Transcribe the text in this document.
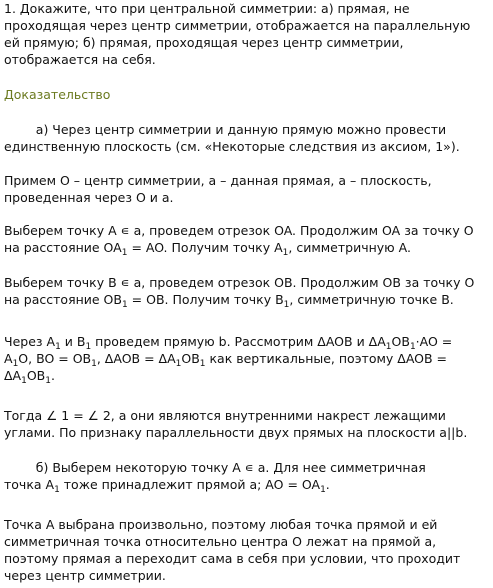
1. Докажите, что при центральной симметрии: а) прямая, не

проходящая через центр симметрии, отображается на параллельную

ей прямую; б) прямая, проходящая через центр симметрии,

отображается на себя.

Доказательство

а) Через центр симметрии и данную прямую можно провести

единственную плоскость (см. «Некоторые следствия из аксиом, 1»).

Примем O – центр симметрии, a – данная прямая, a – плоскость,

проведенная через O и a.

Выберем точку A ∊ a, проведем отрезок OA. Продолжим OA за точку O

на расстояние $OA_1$ = AO. Получим точку $A_1$, симметричную A.

Выберем точку B ∊ a, проведем отрезок OB. Продолжим OB за точку O

на расстояние $OB_1$ = OB. Получим точку $B_1$, симметричную точке B.

Через $A_1$ и $B_1$ проведем прямую b. Рассмотрим ΔAOB и $\Delta A_1OB_1\cdot AO$ =

$A_1O$, BO = $OB_1$, $\Delta AOB = \Delta A_1OB_1$ как вертикальные, поэтому ΔAOB =

$\Delta A_1OB_1$.

Тогда ∠ 1 = ∠ 2, а они являются внутренними накрест лежащими

углами. По признаку параллельности двух прямых на плоскости a||b.

б) Выберем некоторую точку A ∊ a. Для нее симметричная

точка $A_1$ тоже принадлежит прямой a; AO = $OA_1$.

Точка A выбрана произвольно, поэтому любая точка прямой и ей

симметричная точка относительно центра O лежат на прямой a,

поэтому прямая a переходит сама в себя при условии, что проходит

через центр симметрии.
